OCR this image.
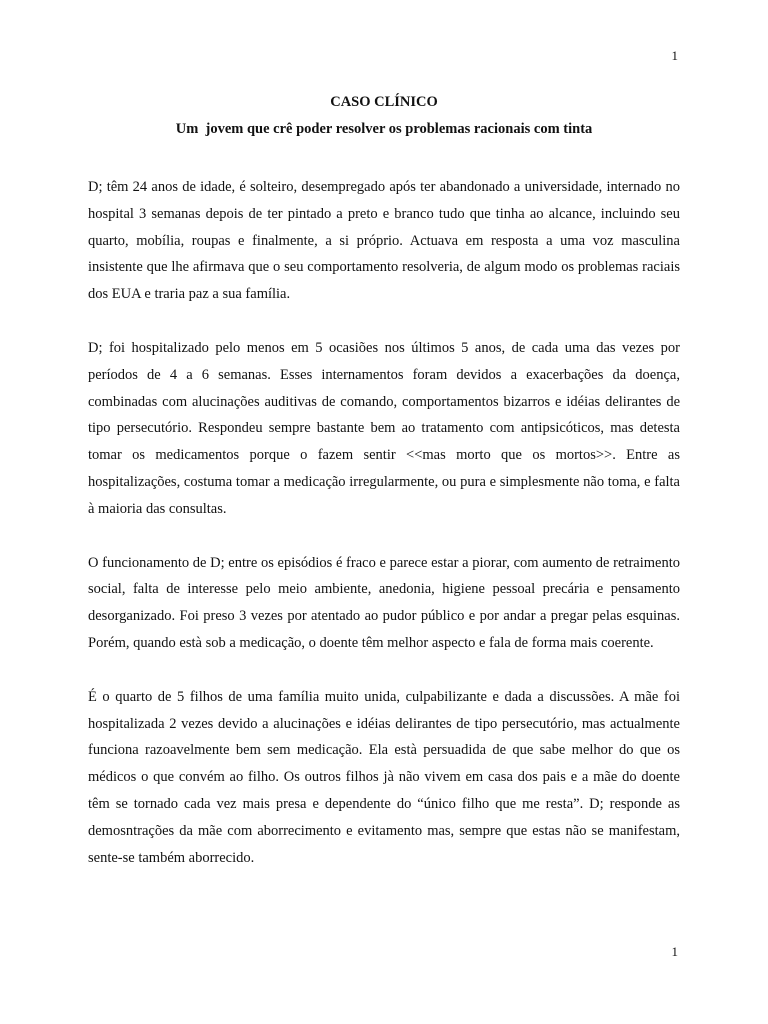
1
CASO CLÍNICO
Um  jovem que crê poder resolver os problemas racionais com tinta

D; têm 24 anos de idade, é solteiro, desempregado após ter abandonado a universidade, internado no hospital 3 semanas depois de ter pintado a preto e branco tudo que tinha ao alcance, incluindo seu quarto, mobília, roupas e finalmente, a si próprio. Actuava em resposta a uma voz masculina insistente que lhe afirmava que o seu comportamento resolveria, de algum modo os problemas raciais dos EUA e traria paz a sua família.

D; foi hospitalizado pelo menos em 5 ocasiões nos últimos 5 anos, de cada uma das vezes por períodos de 4 a 6 semanas. Esses internamentos foram devidos a exacerbações da doença, combinadas com alucinações auditivas de comando, comportamentos bizarros e idéias delirantes de tipo persecutório. Respondeu sempre bastante bem ao tratamento com antipsicóticos, mas detesta tomar os medicamentos porque o fazem sentir <<mas morto que os mortos>>. Entre as hospitalizações, costuma tomar a medicação irregularmente, ou pura e simplesmente não toma, e falta à maioria das consultas.

O funcionamento de D; entre os episódios é fraco e parece estar a piorar, com aumento de retraimento social, falta de interesse pelo meio ambiente, anedonia, higiene pessoal precária e pensamento desorganizado. Foi preso 3 vezes por atentado ao pudor público e por andar a pregar pelas esquinas. Porém, quando està sob a medicação, o doente têm melhor aspecto e fala de forma mais coerente.

É o quarto de 5 filhos de uma família muito unida, culpabilizante e dada a discussões. A mãe foi hospitalizada 2 vezes devido a alucinações e idéias delirantes de tipo persecutório, mas actualmente funciona razoavelmente bem sem medicação. Ela està persuadida de que sabe melhor do que os médicos o que convém ao filho. Os outros filhos jà não vivem em casa dos pais e a mãe do doente têm se tornado cada vez mais presa e dependente do “único filho que me resta”. D; responde as demosntrações da mãe com aborrecimento e evitamento mas, sempre que estas não se manifestam, sente-se também aborrecido.

1
